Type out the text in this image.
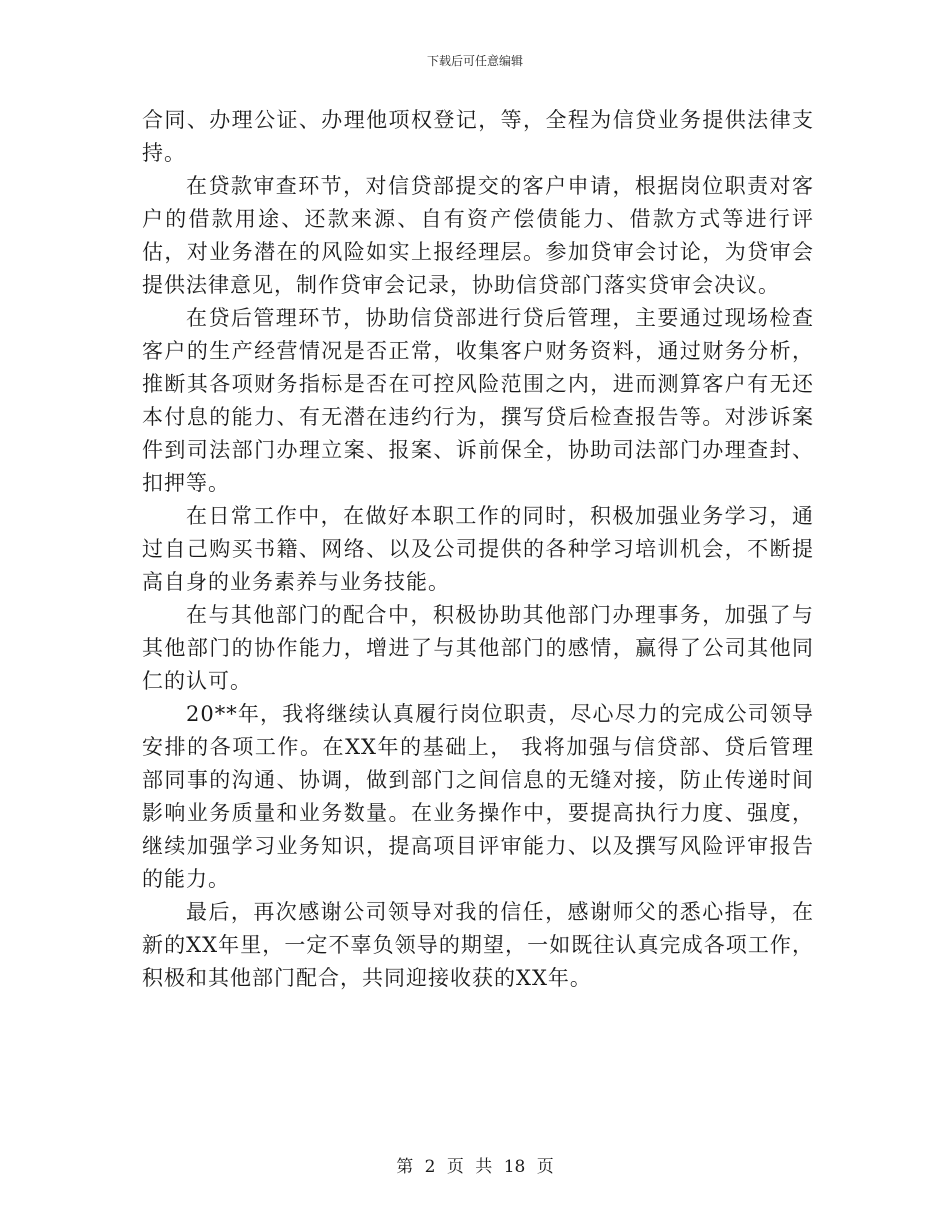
下载后可任意编辑

合同、办理公证、办理他项权登记，等，全程为信贷业务提供法律支持。

在贷款审查环节，对信贷部提交的客户申请，根据岗位职责对客户的借款用途、还款来源、自有资产偿债能力、借款方式等进行评估，对业务潜在的风险如实上报经理层。参加贷审会讨论，为贷审会提供法律意见，制作贷审会记录，协助信贷部门落实贷审会决议。

在贷后管理环节，协助信贷部进行贷后管理，主要通过现场检查客户的生产经营情况是否正常，收集客户财务资料，通过财务分析，推断其各项财务指标是否在可控风险范围之内，进而测算客户有无还本付息的能力、有无潜在违约行为，撰写贷后检查报告等。对涉诉案件到司法部门办理立案、报案、诉前保全，协助司法部门办理查封、扣押等。

在日常工作中，在做好本职工作的同时，积极加强业务学习，通过自己购买书籍、网络、以及公司提供的各种学习培训机会，不断提高自身的业务素养与业务技能。

在与其他部门的配合中，积极协助其他部门办理事务，加强了与其他部门的协作能力，增进了与其他部门的感情，赢得了公司其他同仁的认可。

20**年，我将继续认真履行岗位职责，尽心尽力的完成公司领导安排的各项工作。在XX年的基础上， 我将加强与信贷部、贷后管理部同事的沟通、协调，做到部门之间信息的无缝对接，防止传递时间影响业务质量和业务数量。在业务操作中，要提高执行力度、强度，继续加强学习业务知识，提高项目评审能力、以及撰写风险评审报告的能力。

最后，再次感谢公司领导对我的信任，感谢师父的悉心指导，在新的XX年里，一定不辜负领导的期望，一如既往认真完成各项工作，积极和其他部门配合，共同迎接收获的XX年。

第 2 页 共 18 页
